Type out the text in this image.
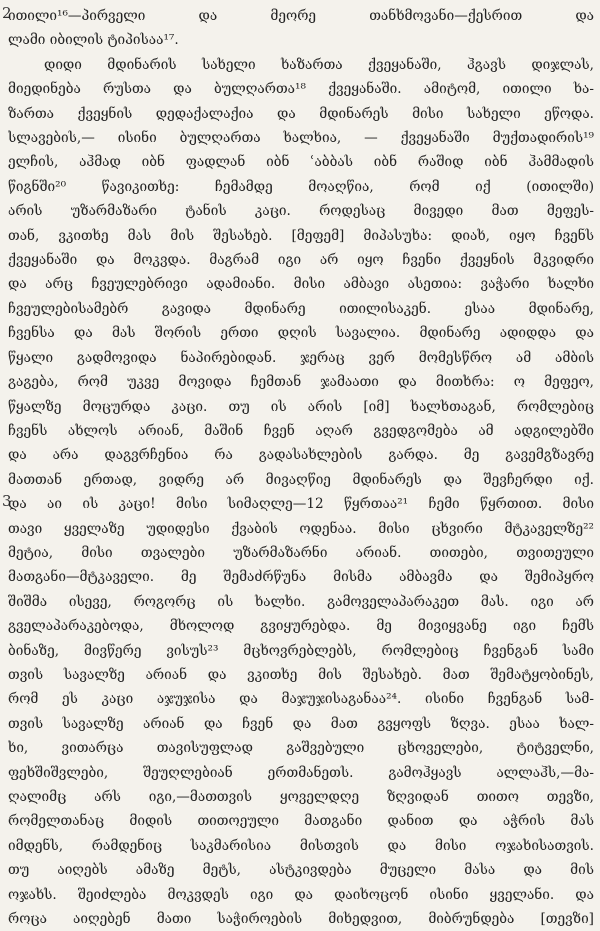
2
3
ითილი¹⁶—პირველი და მეორე თანხმოვანი—ქესრით და
ლამი იბილის ტიპისაა¹⁷.
დიდი მდინარის სახელი ხაზართა ქვეყანაში, ჰგავს დიჯლას,
მიედინება რუსთა და ბულღართა¹⁸ ქვეყანაში. ამიტომ, ითილი ხა-
ზართა ქვეყნის დედაქალაქია და მდინარეს მისი სახელი ეწოდა.
სლავების,— ისინი ბულღართა ხალხია, — ქვეყანაში მუქთადირის¹⁹
ელჩის, აჰმად იბნ ფადლან იბნ ʿაბბას იბნ რაშიდ იბნ ჰამმადის
წიგნში²⁰ წავიკითხე: ჩემამდე მოაღწია, რომ იქ (ითილში)
არის უზარმაზარი ტანის კაცი. როდესაც მივედი მათ მეფეს-
თან, ვკითხე მას მის შესახებ. [მეფემ] მიპასუხა: დიახ, იყო ჩვენს
ქვეყანაში და მოკვდა. მაგრამ იგი არ იყო ჩვენი ქვეყნის მკვიდრი
და არც ჩვეულებრივი ადამიანი. მისი ამბავი ასეთია: ვაჭარი ხალხი
ჩვეულებისამებრ გავიდა მდინარე ითილისაკენ. ესაა მდინარე,
ჩვენსა და მას შორის ერთი დღის სავალია. მდინარე ადიდდა და
წყალი გადმოვიდა ნაპირებიდან. ჯერაც ვერ მომესწრო ამ ამბის
გაგება, რომ უკვე მოვიდა ჩემთან ჯამაათი და მითხრა: ო მეფეო,
წყალზე მოცურდა კაცი. თუ ის არის [იმ] ხალხთაგან, რომლებიც
ჩვენს ახლოს არიან, მაშინ ჩვენ აღარ გვედგომება ამ ადგილებში
და არა დაგვრჩენია რა გადასახლების გარდა. მე გავემგზავრე
მათთან ერთად, ვიდრე არ მივაღწიე მდინარეს და შევჩერდი იქ.
და აი ის კაცი! მისი სიმაღლე—12 წყრთაა²¹ ჩემი წყრთით. მისი
თავი ყველაზე უდიდესი ქვაბის ოდენაა. მისი ცხვირი მტკაველზე²²
მეტია, მისი თვალები უზარმაზარნი არიან. თითები, თვითეული
მათგანი—მტკაველი. მე შემაძრწუნა მისმა ამბავმა და შემიპყრო
შიშმა ისევე, როგორც ის ხალხი. გამოველაპარაკეთ მას. იგი არ
გველაპარაკებოდა, მხოლოდ გვიყურებდა. მე მივიყვანე იგი ჩემს
ბინაზე, მივწერე ვისუს²³ მცხოვრებლებს, რომლებიც ჩვენგან სამი
თვის სავალზე არიან და ვკითხე მის შესახებ. მათ შემატყობინეს,
რომ ეს კაცი აჯუჯისა და მაჯუჯისაგანაა²⁴. ისინი ჩვენგან სამ-
თვის სავალზე არიან და ჩვენ და მათ გვყოფს ზღვა. ესაა ხალ-
ხი, ვითარცა თავისუფლად გაშვებული ცხოველები, ტიტველნი,
ფეხშიშვლები, შეუღლებიან ერთმანეთს. გამოჰყავს ალლაჰს,—მა-
ღალიმც არს იგი,—მათთვის ყოველდღე ზღვიდან თითო თევზი,
რომელთანაც მიდის თითოეული მათგანი დანით და აჭრის მას
იმდენს, რამდენიც საკმარისია მისთვის და მისი ოჯახისათვის.
თუ აიღებს ამაზე მეტს, ასტკივდება მუცელი მასა და მის
ოჯახს. შეიძლება მოკვდეს იგი და დაიხოცონ ისინი ყველანი. და
როცა აიღებენ მათი საჭიროების მიხედვით, მიბრუნდება [თევზი]
